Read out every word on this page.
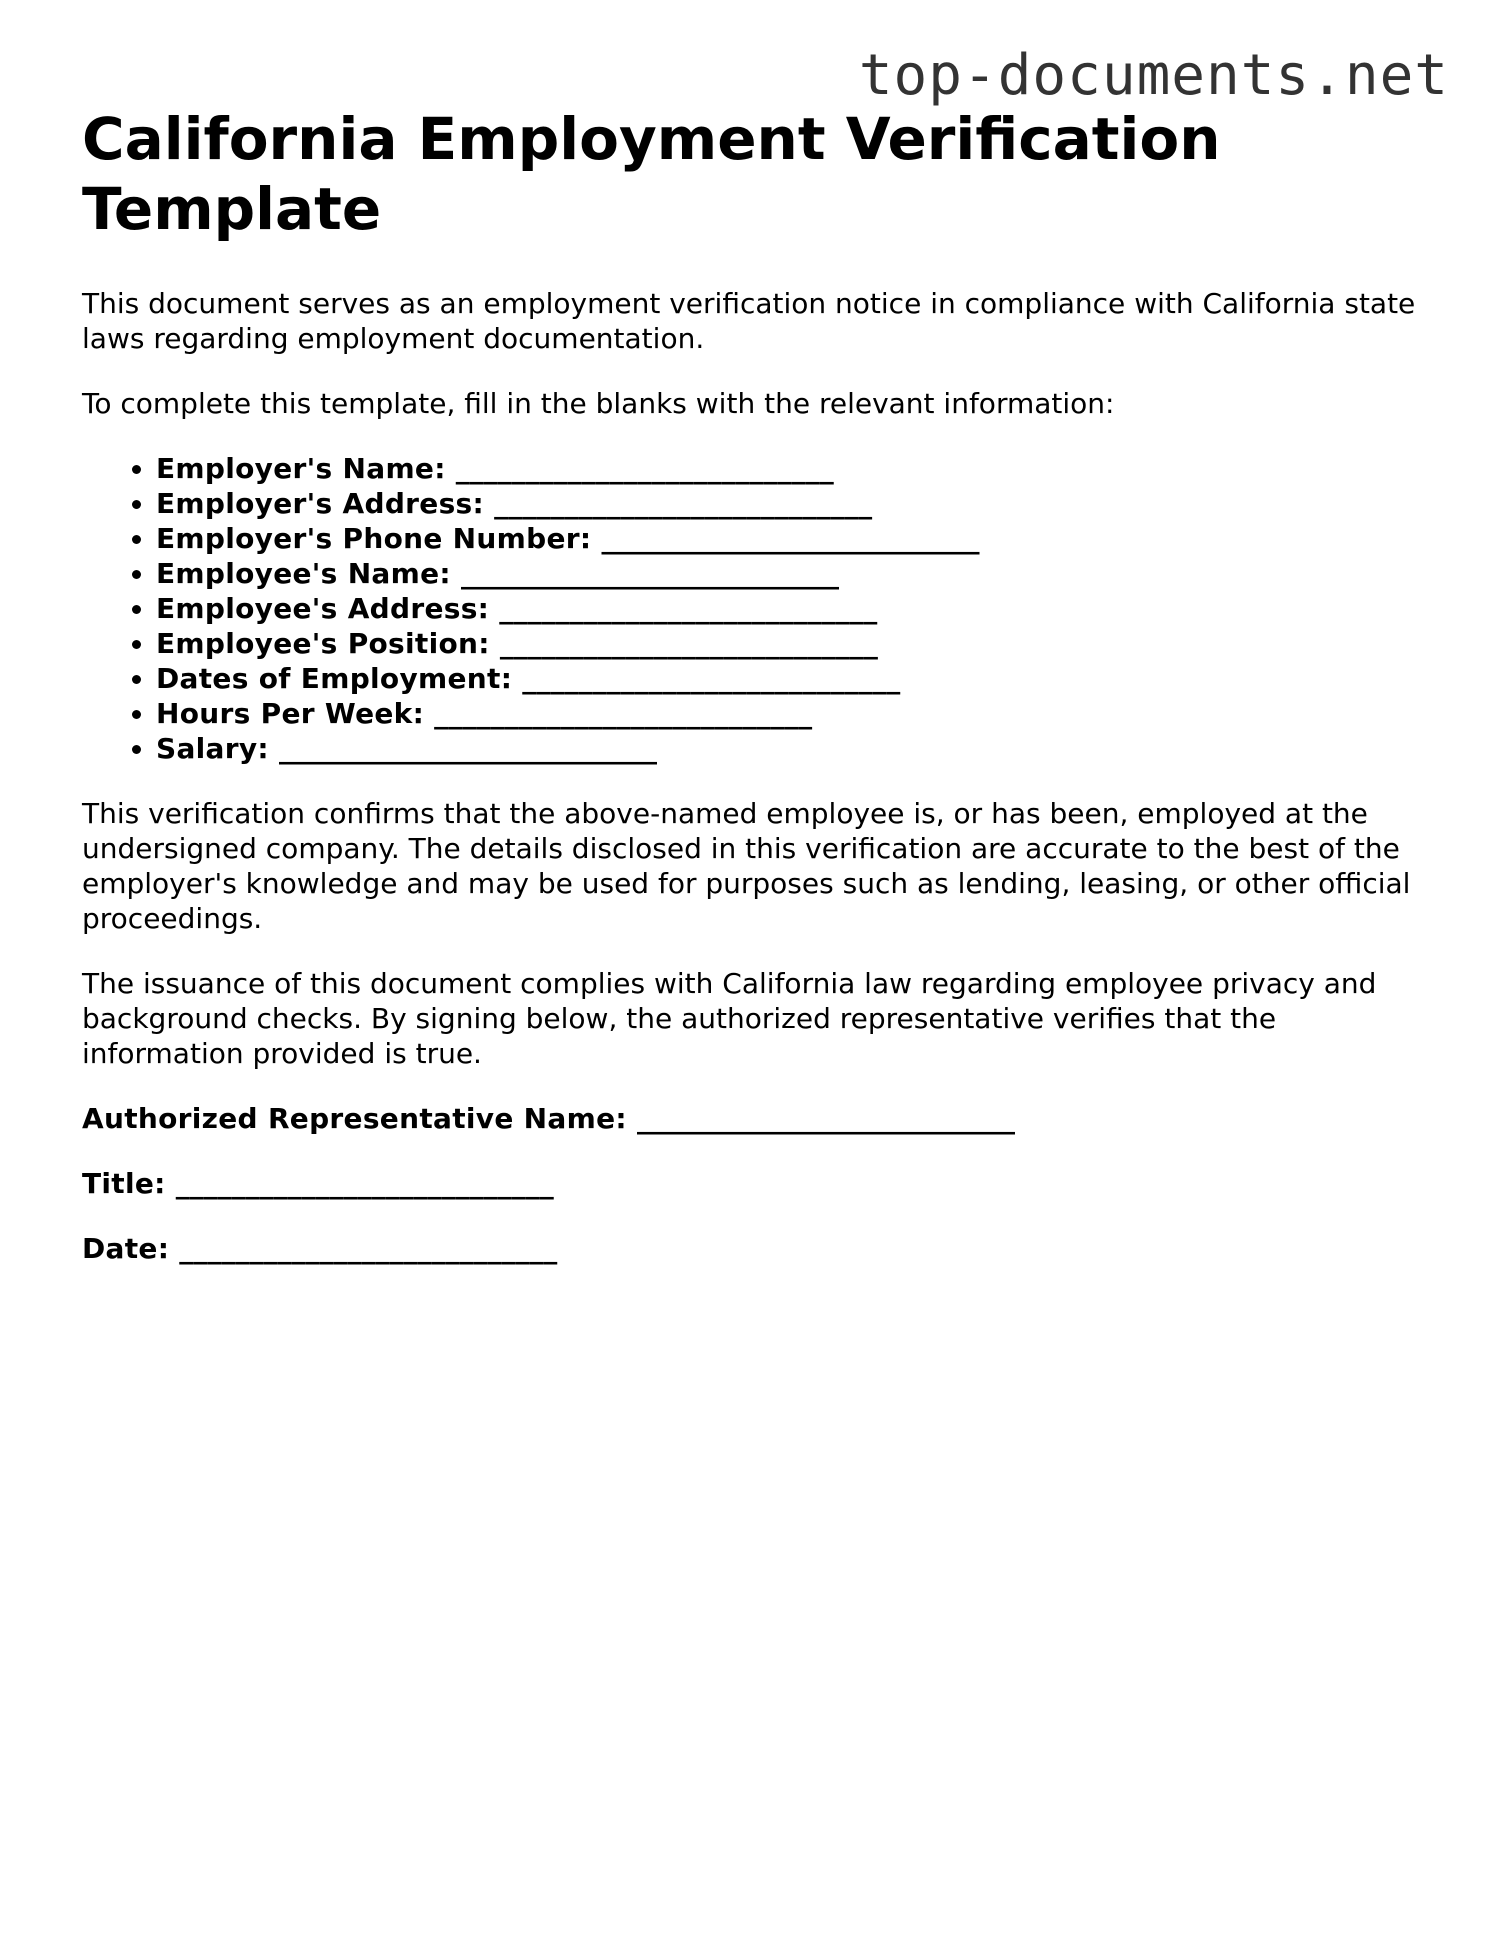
top-documents.net
California Employment Verification Template

This document serves as an employment verification notice in compliance with California state laws regarding employment documentation.

To complete this template, fill in the blanks with the relevant information:

• Employer's Name: ___________________________
• Employer's Address: ___________________________
• Employer's Phone Number: ___________________________
• Employee's Name: ___________________________
• Employee's Address: ___________________________
• Employee's Position: ___________________________
• Dates of Employment: ___________________________
• Hours Per Week: ___________________________
• Salary: ___________________________

This verification confirms that the above-named employee is, or has been, employed at the undersigned company. The details disclosed in this verification are accurate to the best of the employer's knowledge and may be used for purposes such as lending, leasing, or other official proceedings.

The issuance of this document complies with California law regarding employee privacy and background checks. By signing below, the authorized representative verifies that the information provided is true.

Authorized Representative Name: ___________________________
Title: ___________________________
Date: ___________________________
